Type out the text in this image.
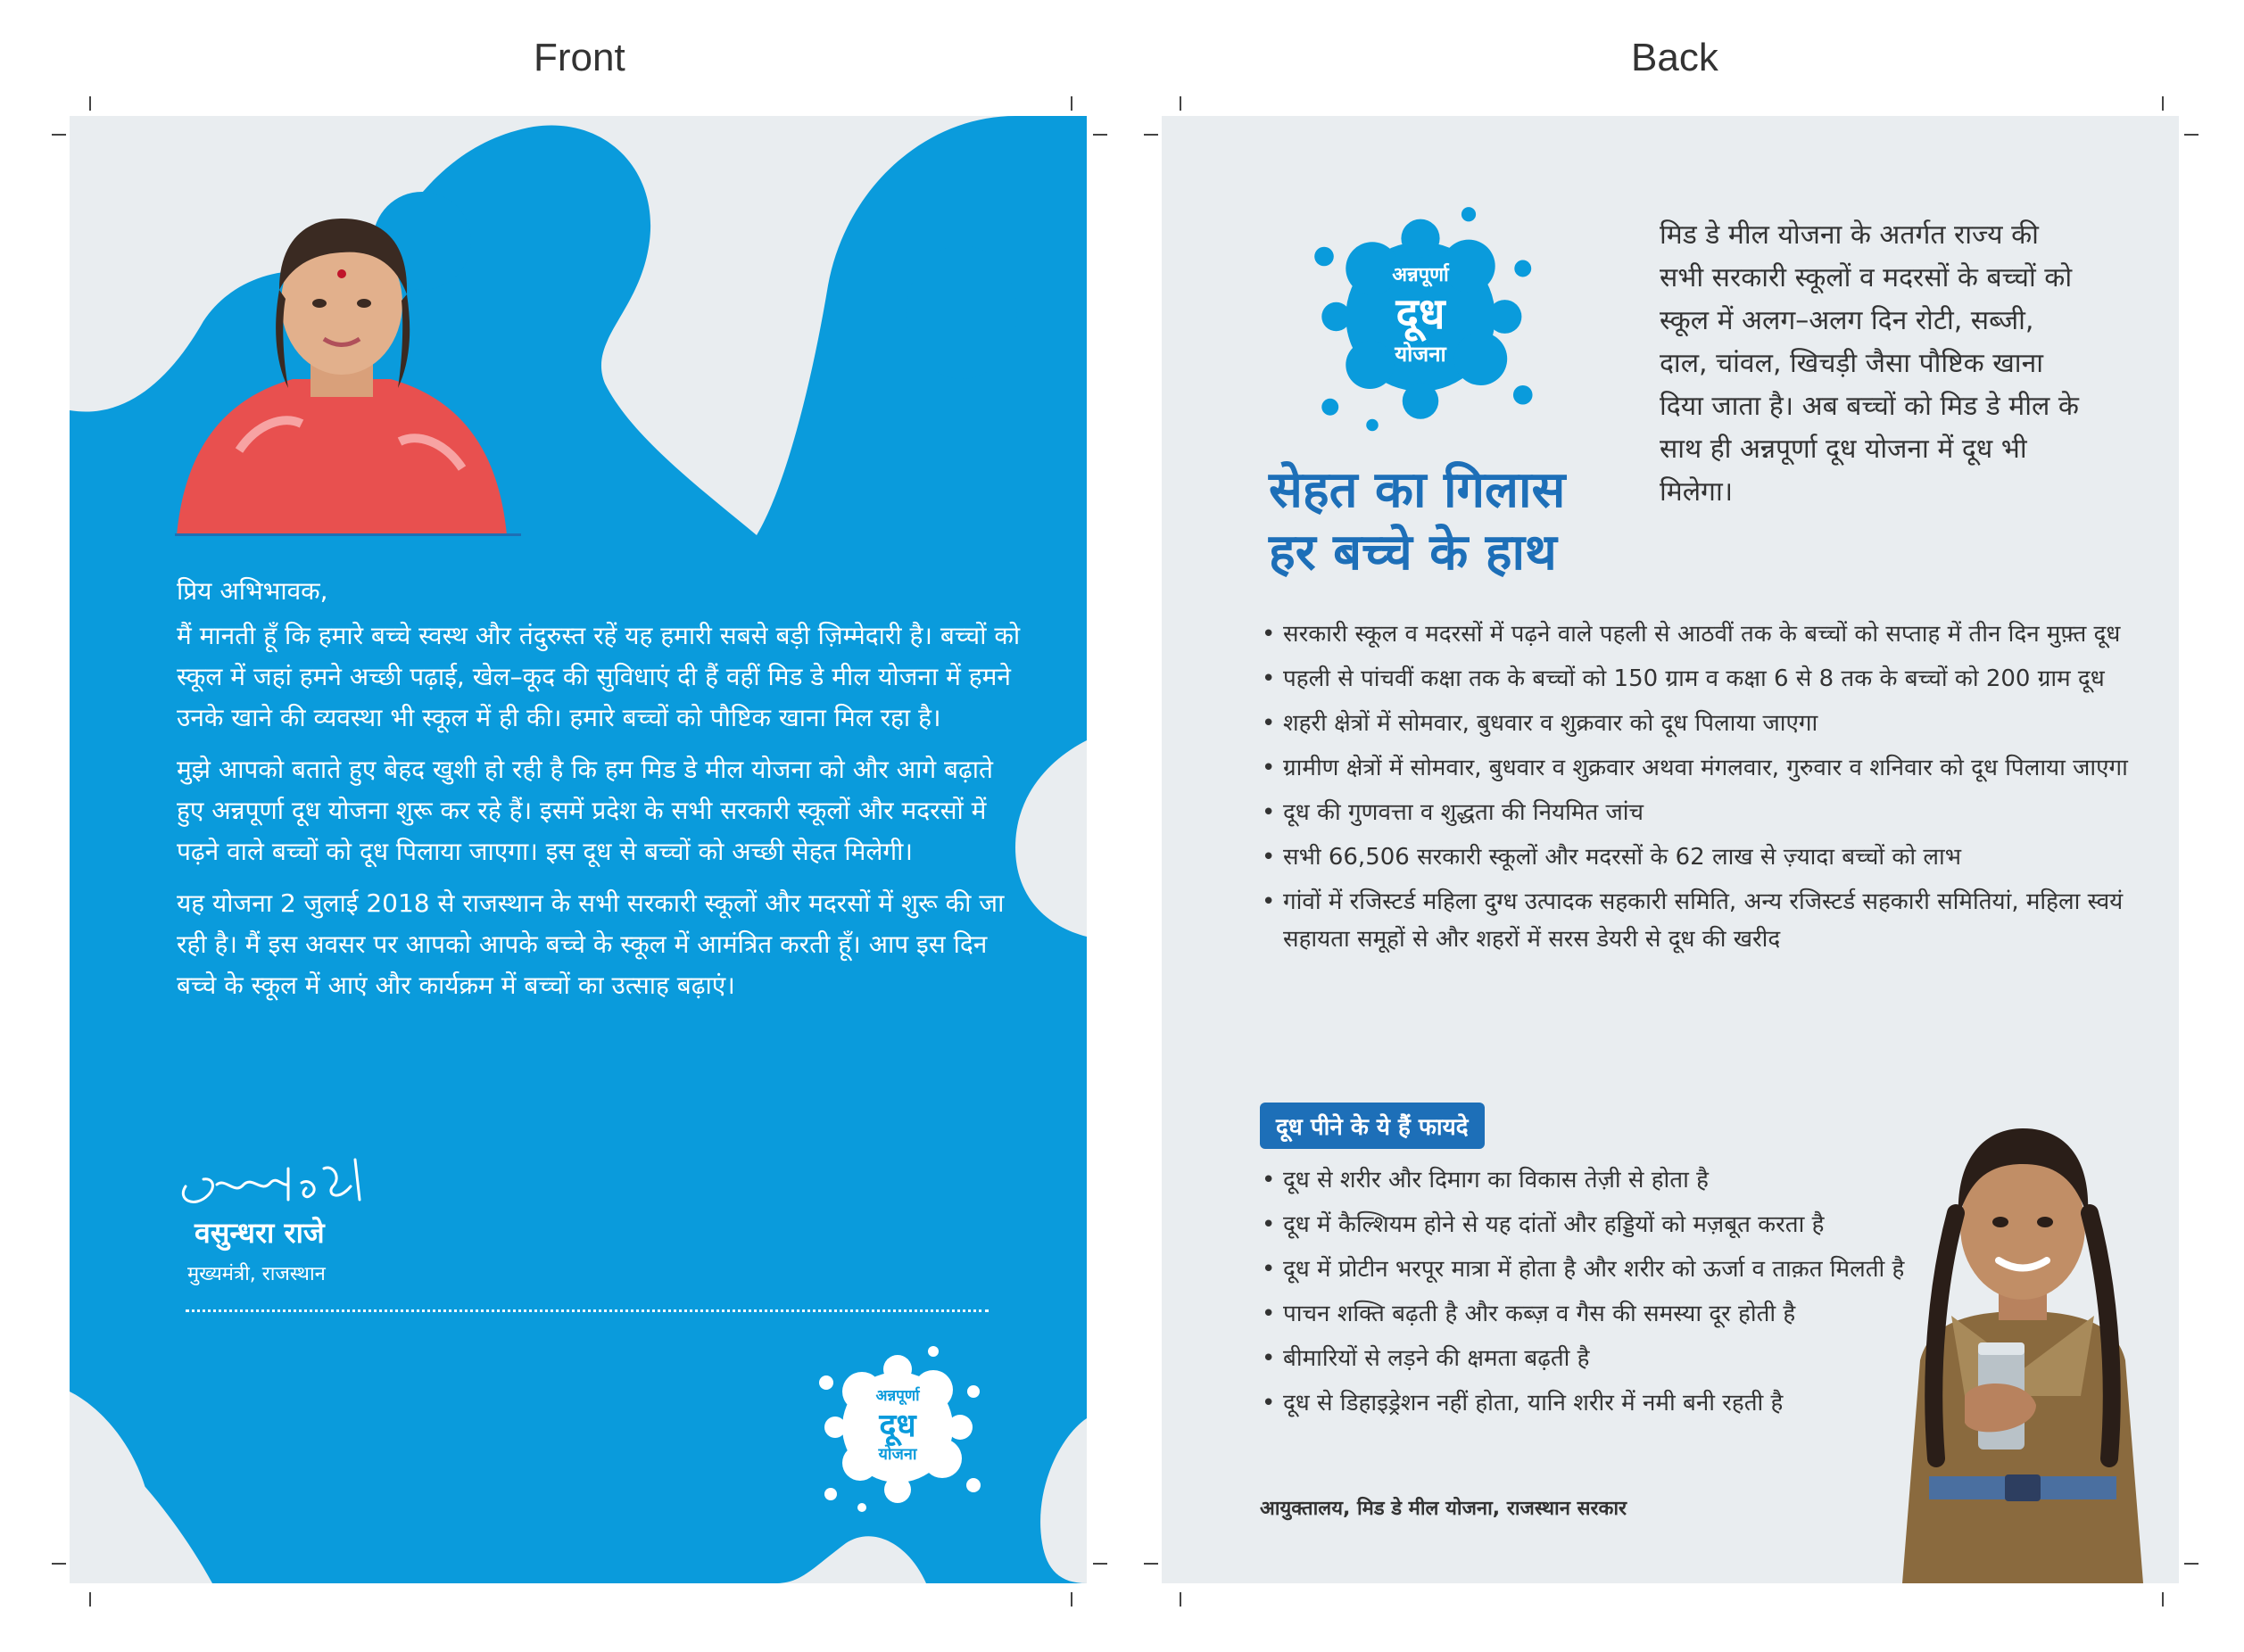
Front	Back

प्रिय अभिभावक,

मैं मानती हूँ कि हमारे बच्चे स्वस्थ और तंदुरुस्त रहें यह हमारी सबसे बड़ी ज़िम्मेदारी है। बच्चों को स्कूल में जहां हमने अच्छी पढ़ाई, खेल–कूद की सुविधाएं दी हैं वहीं मिड डे मील योजना में हमने उनके खाने की व्यवस्था भी स्कूल में ही की। हमारे बच्चों को पौष्टिक खाना मिल रहा है।

मुझे आपको बताते हुए बेहद खुशी हो रही है कि हम मिड डे मील योजना को और आगे बढ़ाते हुए अन्नपूर्णा दूध योजना शुरू कर रहे हैं। इसमें प्रदेश के सभी सरकारी स्कूलों और मदरसों में पढ़ने वाले बच्चों को दूध पिलाया जाएगा। इस दूध से बच्चों को अच्छी सेहत मिलेगी।

यह योजना 2 जुलाई 2018 से राजस्थान के सभी सरकारी स्कूलों और मदरसों में शुरू की जा रही है। मैं इस अवसर पर आपको आपके बच्चे के स्कूल में आमंत्रित करती हूँ। आप इस दिन बच्चे के स्कूल में आएं और कार्यक्रम में बच्चों का उत्साह बढ़ाएं।

वसुन्धरा राजे
मुख्यमंत्री, राजस्थान
अन्नपूर्णा
दूध
योजना
अन्नपूर्णा
दूध
योजना
सेहत का गिलास
हर बच्चे के हाथ
मिड डे मील योजना के अतर्गत राज्य की सभी सरकारी स्कूलों व मदरसों के बच्चों को स्कूल में अलग–अलग दिन रोटी, सब्जी, दाल, चांवल, खिचड़ी जैसा पौष्टिक खाना दिया जाता है। अब बच्चों को मिड डे मील के साथ ही अन्नपूर्णा दूध योजना में दूध भी मिलेगा।
• सरकारी स्कूल व मदरसों में पढ़ने वाले पहली से आठवीं तक के बच्चों को सप्ताह में तीन दिन मुफ़्त दूध
• पहली से पांचवीं कक्षा तक के बच्चों को 150 ग्राम व कक्षा 6 से 8 तक के बच्चों को 200 ग्राम दूध
• शहरी क्षेत्रों में सोमवार, बुधवार व शुक्रवार को दूध पिलाया जाएगा
• ग्रामीण क्षेत्रों में सोमवार, बुधवार व शुक्रवार अथवा मंगलवार, गुरुवार व शनिवार को दूध पिलाया जाएगा
• दूध की गुणवत्ता व शुद्धता की नियमित जांच
• सभी 66,506 सरकारी स्कूलों और मदरसों के 62 लाख से ज़्यादा बच्चों को लाभ
• गांवों में रजिस्टर्ड महिला दुग्ध उत्पादक सहकारी समिति, अन्य रजिस्टर्ड सहकारी समितियां, महिला स्वयं सहायता समूहों से और शहरों में सरस डेयरी से दूध की खरीद
दूध पीने के ये हैं फायदे
• दूध से शरीर और दिमाग का विकास तेज़ी से होता है
• दूध में कैल्शियम होने से यह दांतों और हड्डियों को मज़बूत करता है
• दूध में प्रोटीन भरपूर मात्रा में होता है और शरीर को ऊर्जा व ताक़त मिलती है
• पाचन शक्ति बढ़ती है और कब्ज़ व गैस की समस्या दूर होती है
• बीमारियों से लड़ने की क्षमता बढ़ती है
• दूध से डिहाइड्रेशन नहीं होता, यानि शरीर में नमी बनी रहती है
आयुक्तालय, मिड डे मील योजना, राजस्थान सरकार
